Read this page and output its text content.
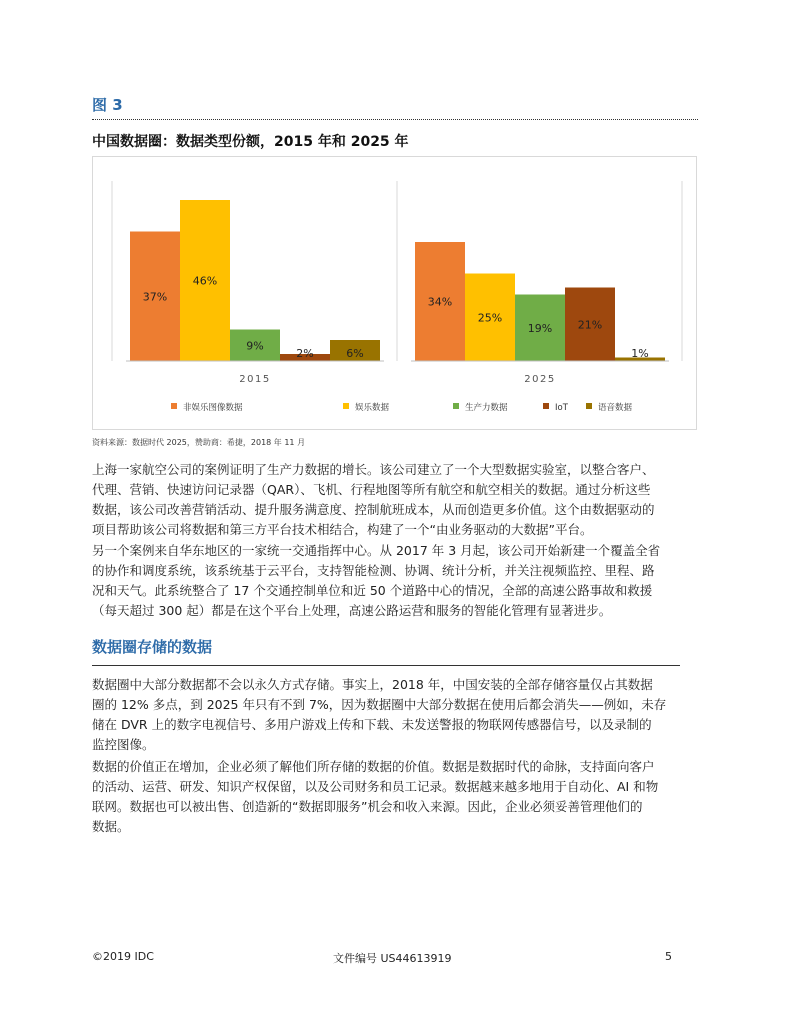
图 3
中国数据圈：数据类型份额，2015 年和 2025 年
37%
46%
9%
2%	6%
2015
34%
25%
19% 21%
1%
2025
非娱乐图像数据	娱乐数据	生产力数据	IoT	语音数据
资料来源：数据时代 2025，赞助商：希捷，2018 年 11 月
上海一家航空公司的案例证明了生产力数据的增长。该公司建立了一个大型数据实验室，以整合客户、
代理、营销、快速访问记录器（QAR）、飞机、行程地图等所有航空和航空相关的数据。通过分析这些
数据，该公司改善营销活动、提升服务满意度、控制航班成本，从而创造更多价值。这个由数据驱动的
项目帮助该公司将数据和第三方平台技术相结合，构建了一个“由业务驱动的大数据”平台。
另一个案例来自华东地区的一家统一交通指挥中心。从 2017 年 3 月起，该公司开始新建一个覆盖全省
的协作和调度系统，该系统基于云平台，支持智能检测、协调、统计分析，并关注视频监控、里程、路
况和天气。此系统整合了 17 个交通控制单位和近 50 个道路中心的情况，全部的高速公路事故和救援
（每天超过 300 起）都是在这个平台上处理，高速公路运营和服务的智能化管理有显著进步。
数据圈存储的数据
数据圈中大部分数据都不会以永久方式存储。事实上，2018 年，中国安装的全部存储容量仅占其数据
圈的 12% 多点，到 2025 年只有不到 7%，因为数据圈中大部分数据在使用后都会消失——例如，未存
储在 DVR 上的数字电视信号、多用户游戏上传和下载、未发送警报的物联网传感器信号，以及录制的
监控图像。
数据的价值正在增加，企业必须了解他们所存储的数据的价值。数据是数据时代的命脉，支持面向客户
的活动、运营、研发、知识产权保留，以及公司财务和员工记录。数据越来越多地用于自动化、AI 和物
联网。数据也可以被出售、创造新的“数据即服务”机会和收入来源。因此，企业必须妥善管理他们的
数据。
©2019 IDC	文件编号 US44613919	5
